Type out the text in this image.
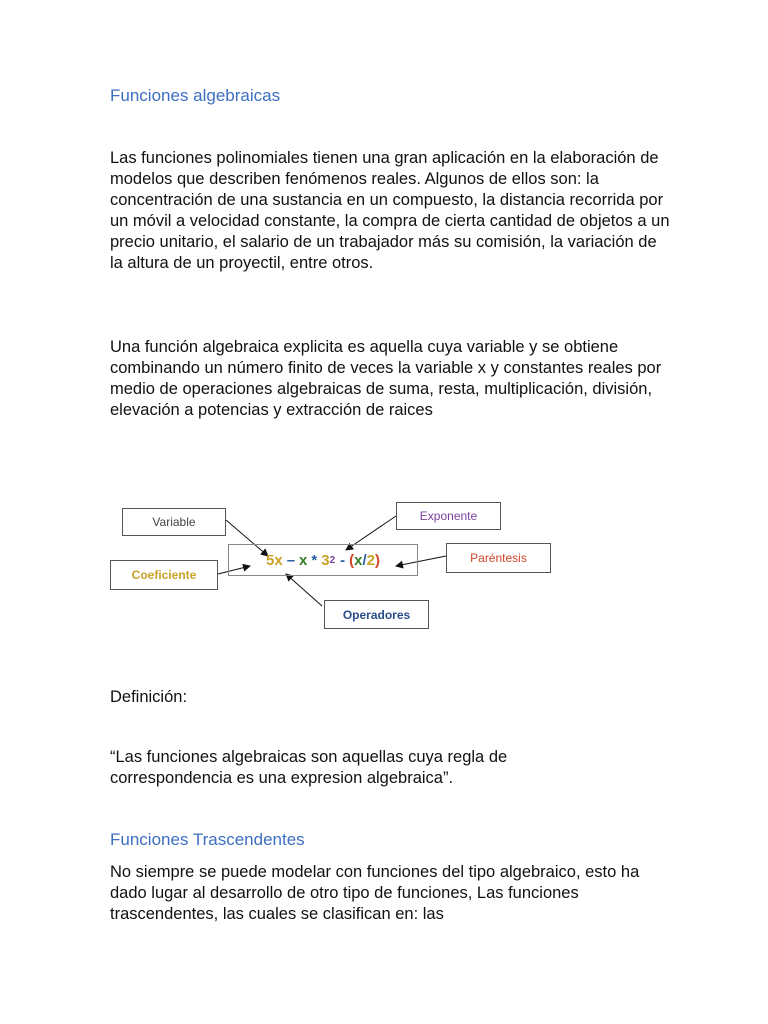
Funciones algebraicas

Las funciones polinomiales tienen una gran aplicación en la elaboración de modelos que describen fenómenos reales. Algunos de ellos son: la concentración de una sustancia en un compuesto, la distancia recorrida por un móvil a velocidad constante, la compra de cierta cantidad de objetos a un precio unitario, el salario de un trabajador más su comisión, la variación de la altura de un proyectil, entre otros.

Una función algebraica explicita es aquella cuya variable y se obtiene combinando un número finito de veces la variable x y constantes reales por medio de operaciones algebraicas de suma, resta, multiplicación, división, elevación a potencias y extracción de raices

Variable
Coeficiente
Exponente
Paréntesis
Operadores
5x – x * 3 2 - ( x / 2 )

Definición:

“Las funciones algebraicas son aquellas cuya regla de correspondencia es una expresion algebraica”.

Funciones Trascendentes

No siempre se puede modelar con funciones del tipo algebraico, esto ha dado lugar al desarrollo de otro tipo de funciones, Las funciones trascendentes, las cuales se clasifican en: las
